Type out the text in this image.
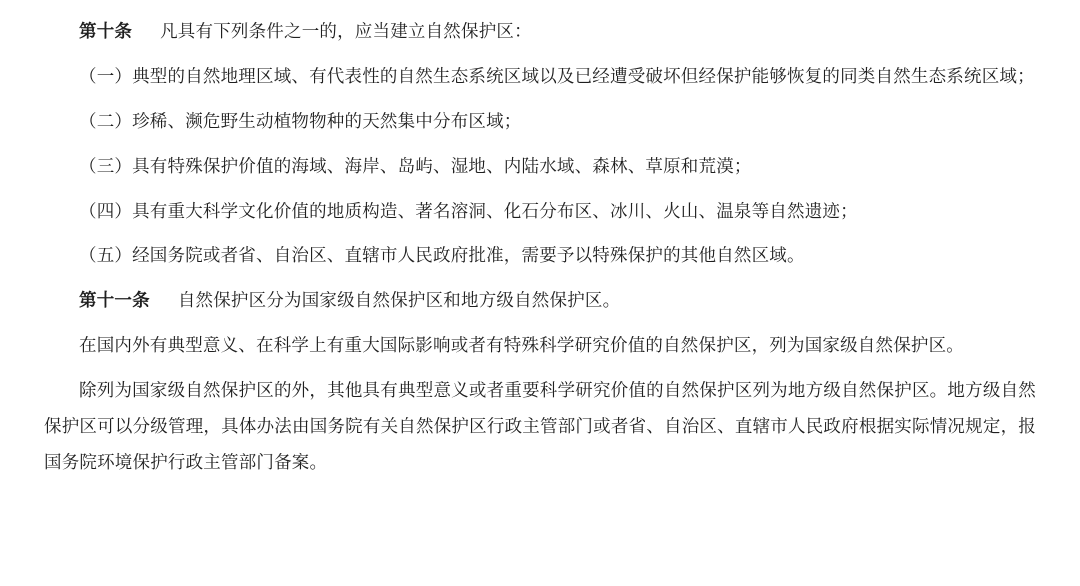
第十条 凡具有下列条件之一的，应当建立自然保护区：

（一）典型的自然地理区域、有代表性的自然生态系统区域以及已经遭受破坏但经保护能够恢复的同类自然生态系统区域；

（二）珍稀、濒危野生动植物物种的天然集中分布区域；

（三）具有特殊保护价值的海域、海岸、岛屿、湿地、内陆水域、森林、草原和荒漠；

（四）具有重大科学文化价值的地质构造、著名溶洞、化石分布区、冰川、火山、温泉等自然遗迹；

（五）经国务院或者省、自治区、直辖市人民政府批准，需要予以特殊保护的其他自然区域。

第十一条 自然保护区分为国家级自然保护区和地方级自然保护区。

在国内外有典型意义、在科学上有重大国际影响或者有特殊科学研究价值的自然保护区，列为国家级自然保护区。

除列为国家级自然保护区的外，其他具有典型意义或者重要科学研究价值的自然保护区列为地方级自然保护区。地方级自然保护区可以分级管理，具体办法由国务院有关自然保护区行政主管部门或者省、自治区、直辖市人民政府根据实际情况规定，报国务院环境保护行政主管部门备案。
